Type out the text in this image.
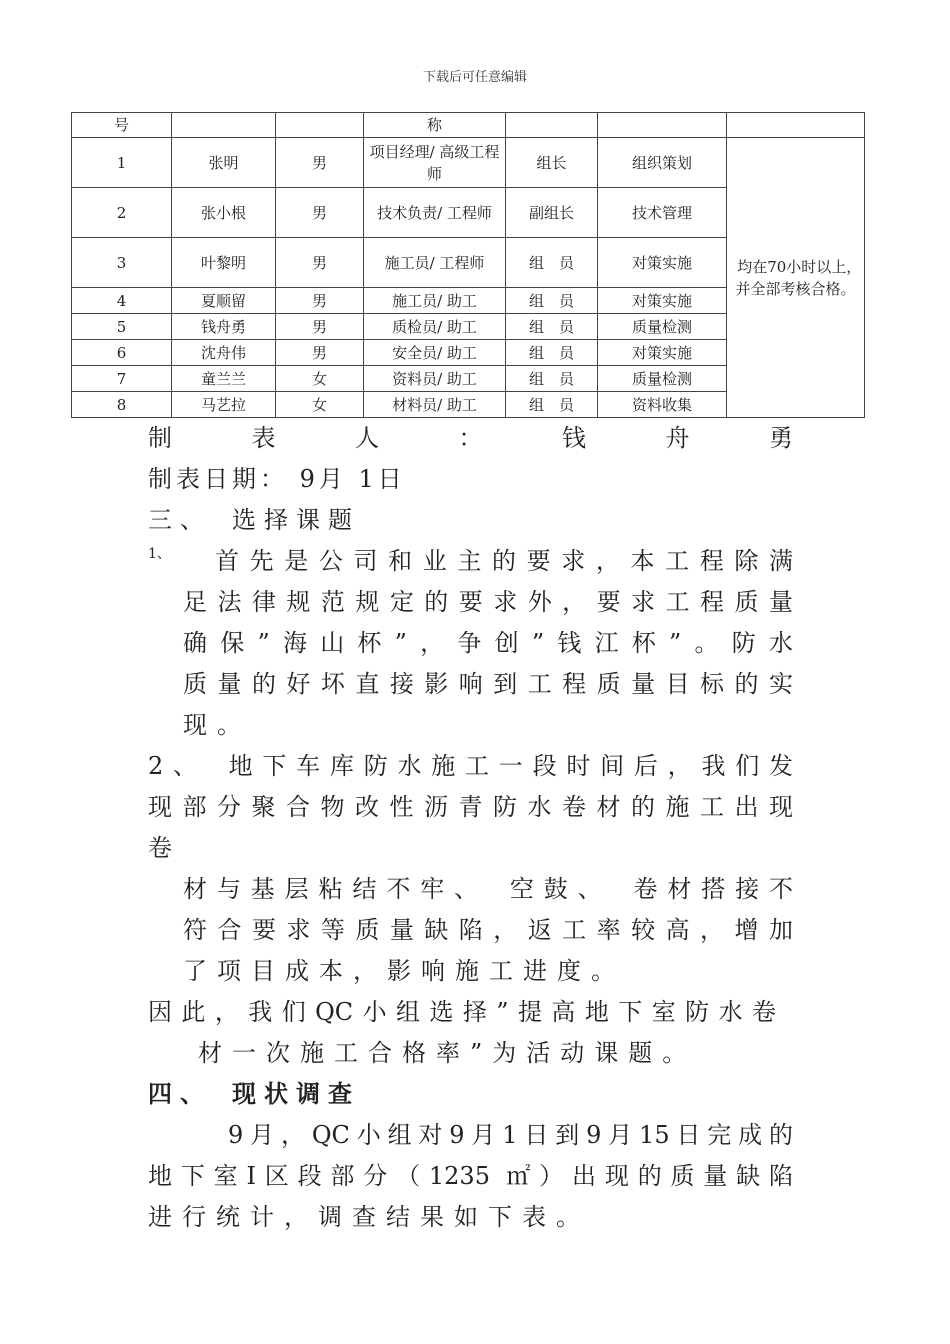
下载后可任意编辑
号			称			
1	张明	男	项目经理/ 高级工程师	组长	组织策划	均在70小时以上，　并全部考核合格。
2	张小根	男	技术负责/ 工程师	副组长	技术管理	
3	叶黎明	男	施工员/ 工程师	组　员	对策实施	
4	夏顺留	男	施工员/ 助工	组　员	对策实施	
5	钱舟勇	男	质检员/ 助工	组　员	质量检测	
6	沈舟伟	男	安全员/ 助工	组　员	对策实施	
7	童兰兰	女	资料员/ 助工	组　员	质量检测	
8	马艺拉	女	材料员/ 助工	组　员	资料收集	
制	表	人	：	钱	舟	勇
制表日期： 9月 1日
三、　选择课题
1、 首先是公司和业主的要求，本工程除满
足法律规范规定的要求外，要求工程质量
确保”海山杯”，争创”钱江杯”。防水
质量的好坏直接影响到工程质量目标的实
现。
2、　地下车库防水施工一段时间后，我们发
现部分聚合物改性沥青防水卷材的施工出现
卷
材与基层粘结不牢、　空鼓、　卷材搭接不
符合要求等质量缺陷，返工率较高，增加
了项目成本，影响施工进度。
因此，我们QC小组选择”提高地下室防水卷
材一次施工合格率”为活动课题。
四、　现状调查
9月，QC小组对9月1日到9月15日完成的
地下室Ⅰ区段部分（1235 ㎡）出现的质量缺陷
进行统计，调查结果如下表。
